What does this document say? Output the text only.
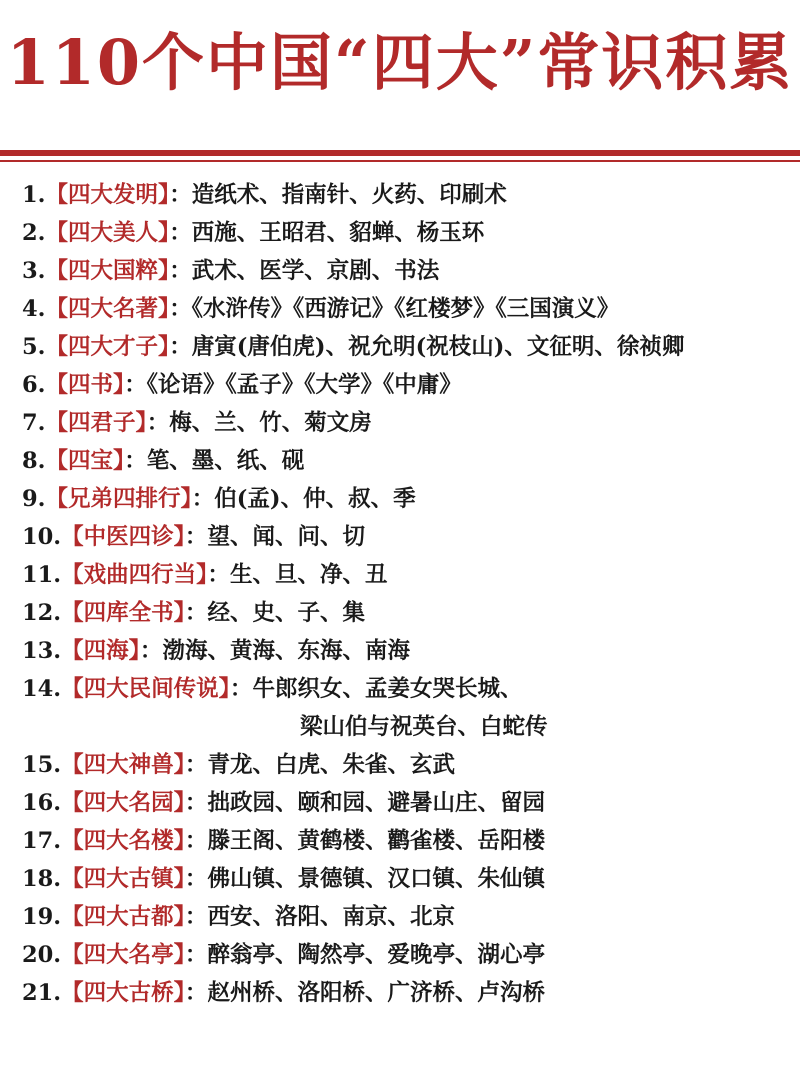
110个中国“四大”常识积累
1.【四大发明】：造纸术、指南针、火药、印刷术
2.【四大美人】：西施、王昭君、貂蝉、杨玉环
3.【四大国粹】：武术、医学、京剧、书法
4.【四大名著】：《水浒传》《西游记》《红楼梦》《三国演义》
5.【四大才子】：唐寅(唐伯虎)、祝允明(祝枝山)、文征明、徐祯卿
6.【四书】：《论语》《孟子》《大学》《中庸》
7.【四君子】：梅、兰、竹、菊文房
8.【四宝】：笔、墨、纸、砚
9.【兄弟四排行】：伯(孟)、仲、叔、季
10.【中医四诊】：望、闻、问、切
11.【戏曲四行当】：生、旦、净、丑
12.【四库全书】：经、史、子、集
13.【四海】：渤海、黄海、东海、南海
14.【四大民间传说】：牛郎织女、孟姜女哭长城、
梁山伯与祝英台、白蛇传
15.【四大神兽】：青龙、白虎、朱雀、玄武
16.【四大名园】：拙政园、颐和园、避暑山庄、留园
17.【四大名楼】：滕王阁、黄鹤楼、鹳雀楼、岳阳楼
18.【四大古镇】：佛山镇、景德镇、汉口镇、朱仙镇
19.【四大古都】：西安、洛阳、南京、北京
20.【四大名亭】：醉翁亭、陶然亭、爱晚亭、湖心亭
21.【四大古桥】：赵州桥、洛阳桥、广济桥、卢沟桥
